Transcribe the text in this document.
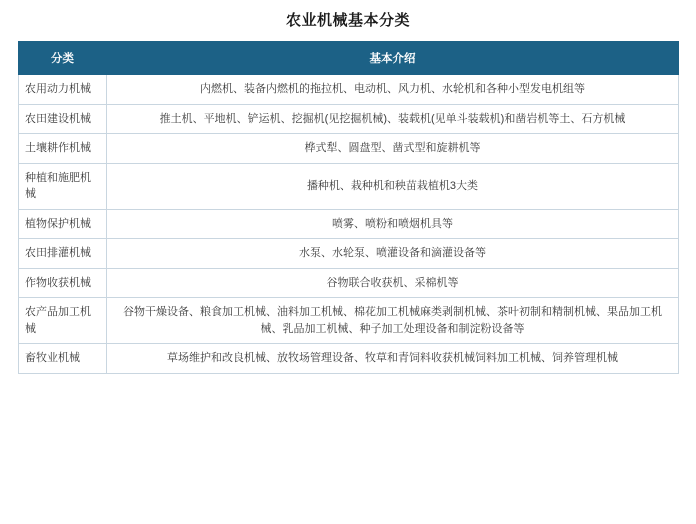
农业机械基本分类
分类	基本介绍
农用动力机械	内燃机、装备内燃机的拖拉机、电动机、风力机、水轮机和各种小型发电机组等
农田建设机械	推土机、平地机、铲运机、挖掘机(见挖掘机械)、装载机(见单斗装载机)和凿岩机等土、石方机械
土壤耕作机械	桦式犁、圆盘型、凿式型和旋耕机等
种植和施肥机械	播种机、栽种机和秧苗栽植机3大类
植物保护机械	喷雾、喷粉和喷烟机具等
农田排灌机械	水泵、水轮泵、喷灌设备和滴灌设备等
作物收获机械	谷物联合收获机、采棉机等
农产品加工机械	谷物干燥设备、粮食加工机械、油料加工机械、棉花加工机械麻类剥制机械、茶叶初制和精制机械、果品加工机械、乳品加工机械、种子加工处理设备和制淀粉设备等
畜牧业机械	草场维护和改良机械、放牧场管理设备、牧草和青饲料收获机械饲料加工机械、饲养管理机械
